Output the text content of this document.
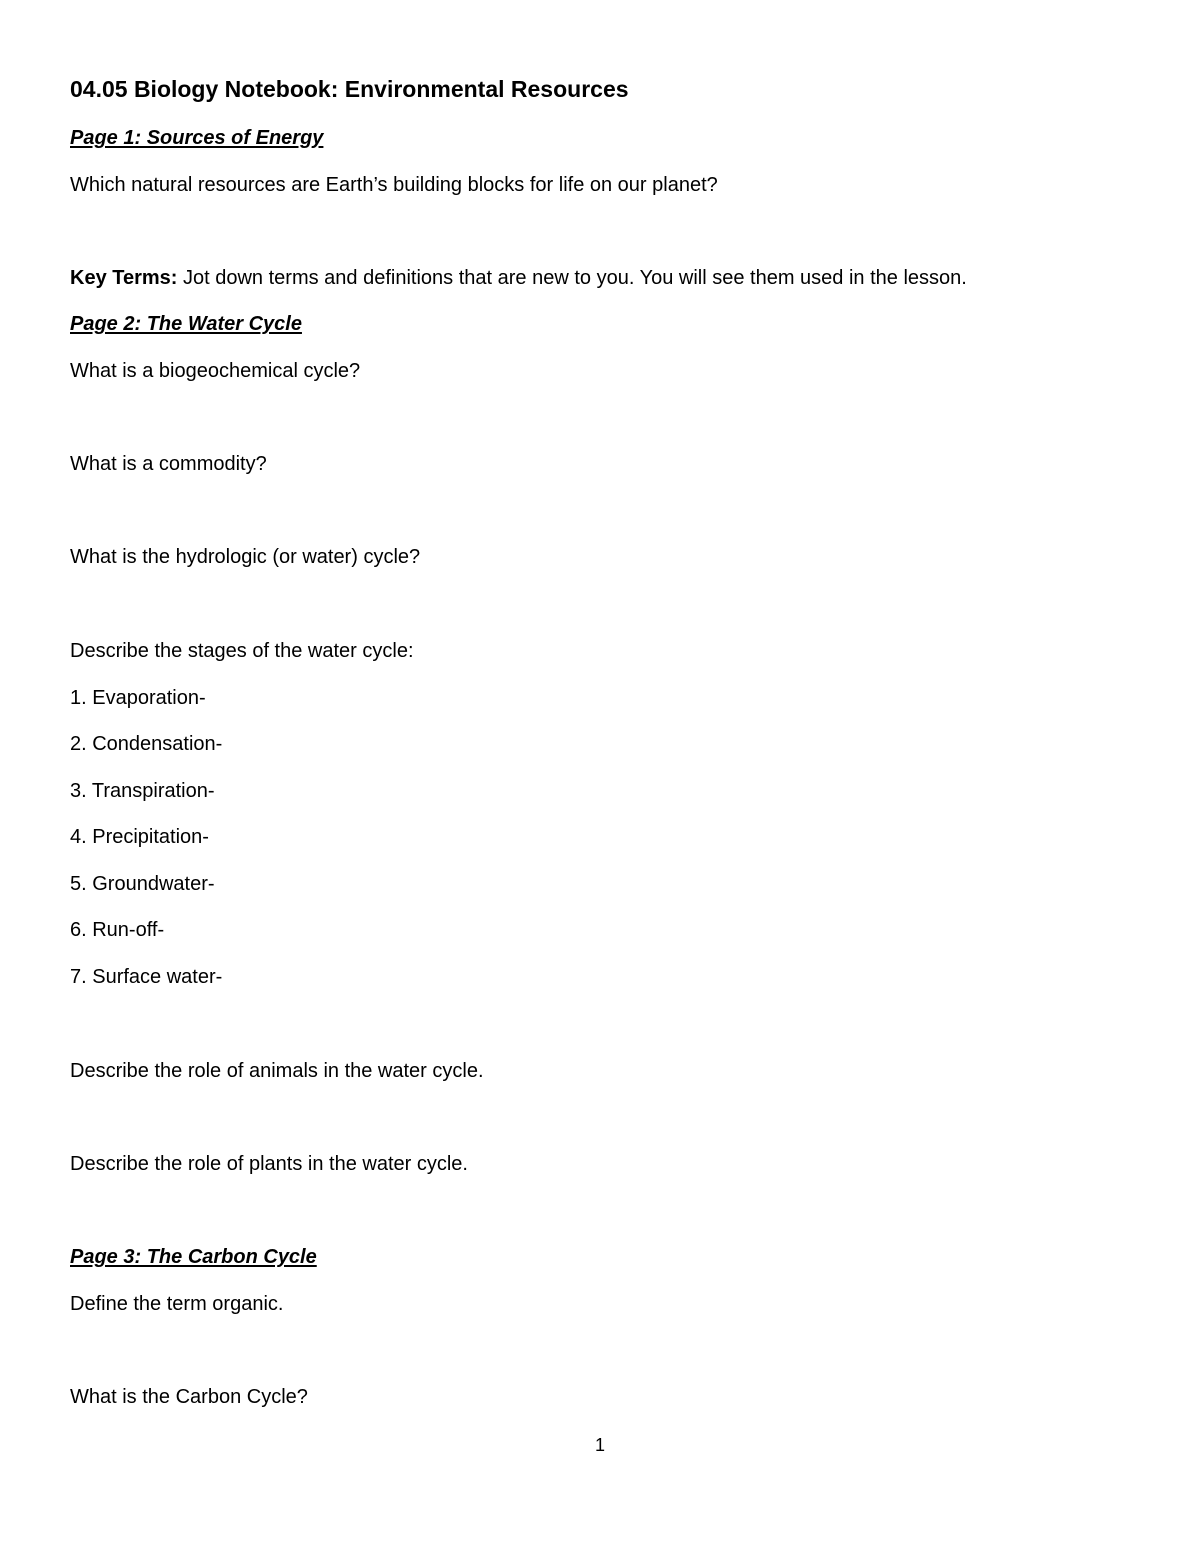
04.05 Biology Notebook: Environmental Resources

Page 1: Sources of Energy

Which natural resources are Earth’s building blocks for life on our planet?

Key Terms: Jot down terms and definitions that are new to you. You will see them used in the lesson.

Page 2: The Water Cycle

What is a biogeochemical cycle?

What is a commodity?

What is the hydrologic (or water) cycle?

Describe the stages of the water cycle:

1. Evaporation-

2. Condensation-

3. Transpiration-

4. Precipitation-

5. Groundwater-

6. Run-off-

7. Surface water-

Describe the role of animals in the water cycle.

Describe the role of plants in the water cycle.

Page 3: The Carbon Cycle

Define the term organic.

What is the Carbon Cycle?

1
